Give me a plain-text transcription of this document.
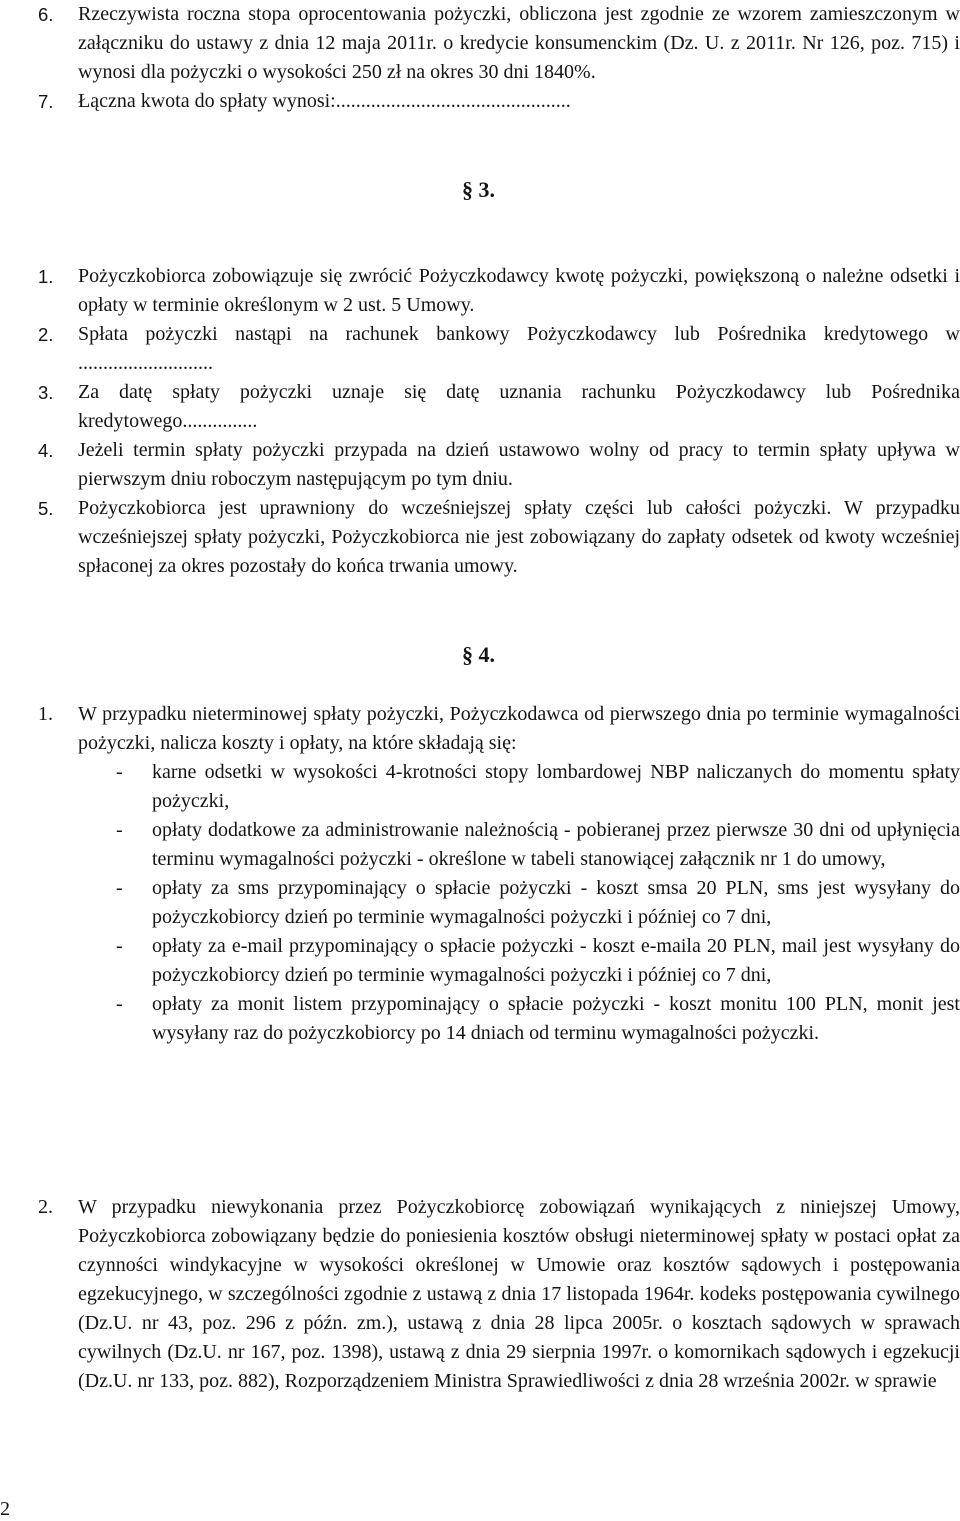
6.	Rzeczywista roczna stopa oprocentowania pożyczki, obliczona jest zgodnie ze wzorem zamieszczonym w załączniku do ustawy z dnia 12 maja 2011r. o kredycie konsumenckim (Dz. U. z 2011r. Nr 126, poz. 715) i wynosi dla pożyczki o wysokości 250 zł na okres 30 dni 1840%.
7.	Łączna kwota do spłaty wynosi:...............................................
§ 3.
1.	Pożyczkobiorca zobowiązuje się zwrócić Pożyczkodawcy kwotę pożyczki, powiększoną o należne odsetki i opłaty w terminie określonym w 2 ust. 5 Umowy.
2.	Spłata pożyczki nastąpi na rachunek bankowy Pożyczkodawcy lub Pośrednika kredytowego w ...........................
3.	Za datę spłaty pożyczki uznaje się datę uznania rachunku Pożyczkodawcy lub Pośrednika kredytowego...............
4.	Jeżeli termin spłaty pożyczki przypada na dzień ustawowo wolny od pracy to termin spłaty upływa w pierwszym dniu roboczym następującym po tym dniu.
5.	Pożyczkobiorca jest uprawniony do wcześniejszej spłaty części lub całości pożyczki. W przypadku wcześniejszej spłaty pożyczki, Pożyczkobiorca nie jest zobowiązany do zapłaty odsetek od kwoty wcześniej spłaconej za okres pozostały do końca trwania umowy.
§ 4.
1.	W przypadku nieterminowej spłaty pożyczki, Pożyczkodawca od pierwszego dnia po terminie wymagalności pożyczki, nalicza koszty i opłaty, na które składają się:
- karne odsetki w wysokości 4-krotności stopy lombardowej NBP naliczanych do momentu spłaty pożyczki,
- opłaty dodatkowe za administrowanie należnością - pobieranej przez pierwsze 30 dni od upłynięcia terminu wymagalności pożyczki - określone w tabeli stanowiącej załącznik nr 1 do umowy,
- opłaty za sms przypominający o spłacie pożyczki - koszt smsa 20 PLN, sms jest wysyłany do pożyczkobiorcy dzień po terminie wymagalności pożyczki i później co 7 dni,
- opłaty za e-mail przypominający o spłacie pożyczki - koszt e-maila 20 PLN, mail jest wysyłany do pożyczkobiorcy dzień po terminie wymagalności pożyczki i później co 7 dni,
- opłaty za monit listem przypominający o spłacie pożyczki - koszt monitu 100 PLN, monit jest wysyłany raz do pożyczkobiorcy po 14 dniach od terminu wymagalności pożyczki.
2.	W przypadku niewykonania przez Pożyczkobiorcę zobowiązań wynikających z niniejszej Umowy, Pożyczkobiorca zobowiązany będzie do poniesienia kosztów obsługi nieterminowej spłaty w postaci opłat za czynności windykacyjne w wysokości określonej w Umowie oraz kosztów sądowych i postępowania egzekucyjnego, w szczególności zgodnie z ustawą z dnia 17 listopada 1964r. kodeks postępowania cywilnego (Dz.U. nr 43, poz. 296 z późn. zm.), ustawą z dnia 28 lipca 2005r. o kosztach sądowych w sprawach cywilnych (Dz.U. nr 167, poz. 1398), ustawą z dnia 29 sierpnia 1997r. o komornikach sądowych i egzekucji (Dz.U. nr 133, poz. 882), Rozporządzeniem Ministra Sprawiedliwości z dnia 28 września 2002r. w sprawie
2
